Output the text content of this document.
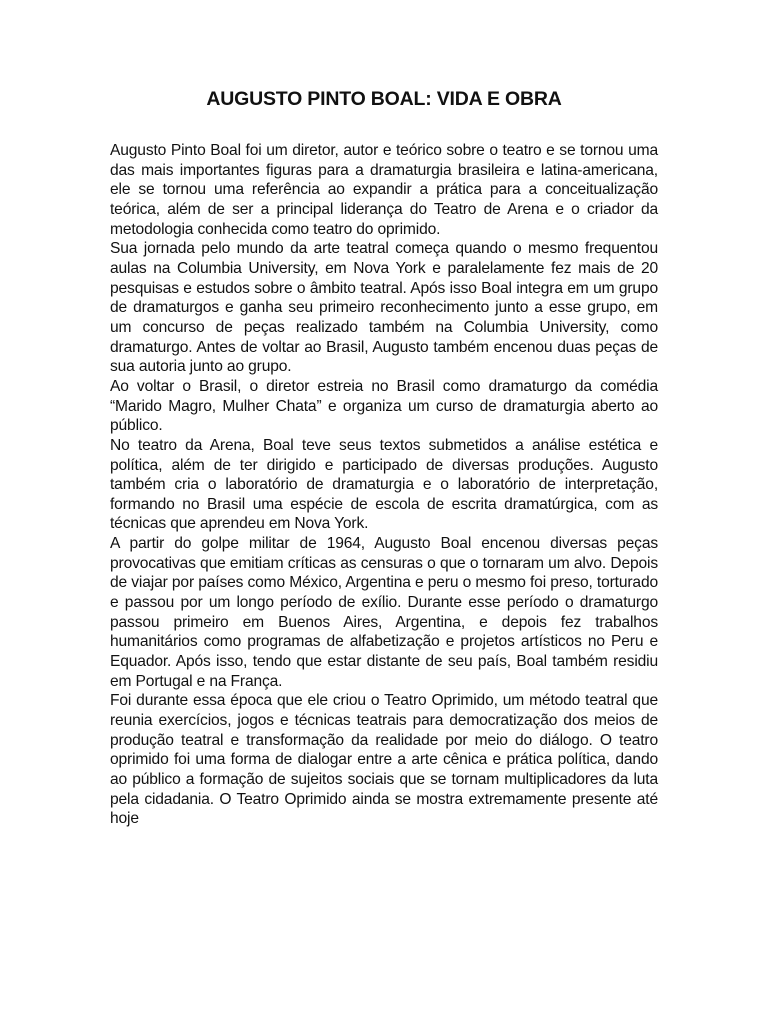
AUGUSTO PINTO BOAL: VIDA E OBRA

Augusto Pinto Boal foi um diretor, autor e teórico sobre o teatro e se tornou uma das mais importantes figuras para a dramaturgia brasileira e latina-americana, ele se tornou uma referência ao expandir a prática para a conceitualização teórica, além de ser a principal liderança do Teatro de Arena e o criador da metodologia conhecida como teatro do oprimido.

Sua jornada pelo mundo da arte teatral começa quando o mesmo frequentou aulas na Columbia University, em Nova York e paralelamente fez mais de 20 pesquisas e estudos sobre o âmbito teatral. Após isso Boal integra em um grupo de dramaturgos e ganha seu primeiro reconhecimento junto a esse grupo, em um concurso de peças realizado também na Columbia University, como dramaturgo. Antes de voltar ao Brasil, Augusto também encenou duas peças de sua autoria junto ao grupo.

Ao voltar o Brasil, o diretor estreia no Brasil como dramaturgo da comédia “Marido Magro, Mulher Chata” e organiza um curso de dramaturgia aberto ao público.

No teatro da Arena, Boal teve seus textos submetidos a análise estética e política, além de ter dirigido e participado de diversas produções. Augusto também cria o laboratório de dramaturgia e o laboratório de interpretação, formando no Brasil uma espécie de escola de escrita dramatúrgica, com as técnicas que aprendeu em Nova York.

A partir do golpe militar de 1964, Augusto Boal encenou diversas peças provocativas que emitiam críticas as censuras o que o tornaram um alvo. Depois de viajar por países como México, Argentina e peru o mesmo foi preso, torturado e passou por um longo período de exílio. Durante esse período o dramaturgo passou primeiro em Buenos Aires, Argentina, e depois fez trabalhos humanitários como programas de alfabetização e projetos artísticos no Peru e Equador. Após isso, tendo que estar distante de seu país, Boal também residiu em Portugal e na França.

Foi durante essa época que ele criou o Teatro Oprimido, um método teatral que reunia exercícios, jogos e técnicas teatrais para democratização dos meios de produção teatral e transformação da realidade por meio do diálogo. O teatro oprimido foi uma forma de dialogar entre a arte cênica e prática política, dando ao público a formação de sujeitos sociais que se tornam multiplicadores da luta pela cidadania. O Teatro Oprimido ainda se mostra extremamente presente até hoje
